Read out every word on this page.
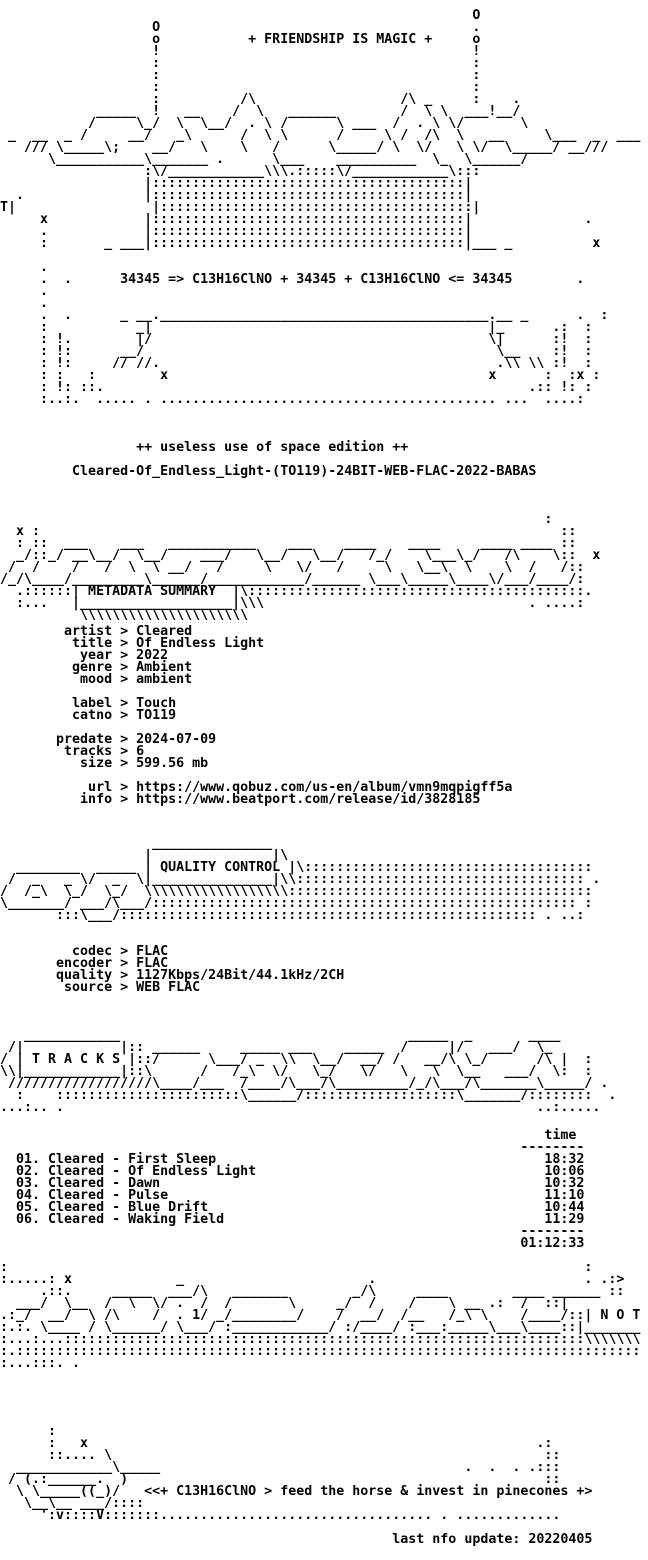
O
O                                       .
o           + FRIENDSHIP IS MAGIC +     o
!                                       !
:                                       :
:                                       :
:                                       :
:          /\                  /\ _     :    .
_____  !   __    /  \   ______        /  \ \  ___!__/
/     \_/  \  \__/  . \ /      \ ___  /  . \ \/       \
_  __  _ /     __/   _\      /  \ \      /     \ /  /\  \   __     \___  _  ___
/// \_____\;    __/   \    \   /      \_____/ \  \/   \ \/  \_____/ __///
\___________\_______ .      \___    __________  \_  \______/
:\/____________\\\.:::::\/____________\:::
|:::::::::::::::::::::::::::::::::::::::|
.               |:::::::::::::::::::::::::::::::::::::::|
T|                 |:::::::::::::::::::::::::::::::::::::::|
x            |:::::::::::::::::::::::::::::::::::::::|              .
.            |:::::::::::::::::::::::::::::::::::::::|
:       _ ___|:::::::::::::::::::::::::::::::::::::::|___ _          x
.
.  .      34345 => C13H16ClNO + 34345 + C13H16ClNO <= 34345        .
.
.
.  .      _ __._________________________________________.__ _      .  :
:           _|                                          |_      .:  :
: !.        |/                                          \|      :!  :
: !:      __/                                            \__    :!  :
: !:     // //.                                          .\\ \\ :!  :
: :   :        x                                        x      :  :x :
: !: ::.                                                     .:: !: :
:..:.  ..... . .......................................... ...  ....:
++ useless use of space edition ++
Cleared-Of_Endless_Light-(TO119)-24BIT-WEB-FLAC-2022-BABAS
:
x :                                                                 ::
: ::  ___    ___   ___________    ___    ____    ____     ____ ____ ::
_/::_/ __\__/  \__/    ___/   \__/   \__/   /_/    \___\_/   /\    \::  x
/  /    /   /  \  \ __/   /     \   \/   /     \   \__\  \    \  /   /::
/_/\____/_________\______/____________/______ \___\_____\____\/___/____/:
.::::::| METADATA SUMMARY  |\::::::::::::::::::::::::::::::::::::::::::.
:...   |___________________|\\\                                 . ....:
\\\\\\\\\\\\\\\\\\\\\
artist > Cleared
title > Of Endless Light
year > 2022
genre > Ambient
mood > ambient
label > Touch
catno > TO119
predate > 2024-07-09
tracks > 6
size > 599.56 mb
url > https://www.qobuz.com/us-en/album/vmn9mqpigff5a
info > https://www.beatport.com/release/id/3828185
_______________
|               |\
________  _____ | QUALITY CONTROL |\::::::::::::::::::::::::::::::::::::
/  _   _ \/  _  \|_______________|\\:::::::::::::::::::::::::::::::::::: .
/  /_\  \_/  \_/  \\\\\\\\\\\\\\\\\\::::::::::::::::::::::::::::::::::::::
\_______/ ___/\___/::::::::::::::::::::::::::::::::::::::::::::::::::::: :
:::\___/:::::::::::::::::::::::::::::::::::::::::::::::::::: . ..:
codec > FLAC
encoder > FLAC
quality > 1127Kbps/24Bit/44.1kHz/2CH
source > WEB FLAC
____________                                    _____  _       ____
/|            |:: ______     _____ ___    _____  /     |/   ___/  \_
/ | T R A C K S |::/      \___/ _  \\  \__/  __/ /   __/\ \_/      /\ |  :
\\|____________|::\      /   /_\  \/   \_/   \/   \   \  \__   ___/  \:  :
//////////////////\____/___  /____/\___/\_________/_/\___/\_______\_____/ .
:    :::::::::::::::::::::::\______/:::::::::::::::::::\_______/::::::::  .
...:.. .                                                           ..:.....
time
--------
01. Cleared - First Sleep                                         18:32
02. Cleared - Of Endless Light                                    10:06
03. Cleared - Dawn                                                10:32
04. Cleared - Pulse                                               11:10
05. Cleared - Blue Drift                                          10:44
06. Cleared - Waking Field                                        11:29
--------
01:12:33
:                                                                        :
:.....: x             _                       .                          . .:>
.::.     _____  ___/\   _______        _/\     ____        ____ ______ ::
___/  \__  /  \  \/ .  /  /       \     _/  /    /    \ __ .:  /  ::|
.:_/  __/  \ /\    /  . 1/ _/________/    /  __/  /__   /_\ \    /____/::| N O T
:.:. \____ / \______/ \___/ :____________/ :/____/ :___:_____\___\____::|_______
:...:...:::::::::::::::::::::::::::::::::::::::::::::::::::::::::::::::::\\\\\\\
:.::::::::::::::::::::::::::::::::::::::::::::::::::::::::::::::::::::::::::::::
:...:::. .
:
:   x                                                        .:
::.... \                                                      ::
____________\_____                                      .  .  . .:::
/ (.:______.  )                                                    ::
\ \_____((_)/   <<+ C13H16ClNO > feed the horse & invest in pinecones +>
\__\__ ___/::::
':v::::V:::::::.................................. . .............
last nfo update: 20220405
